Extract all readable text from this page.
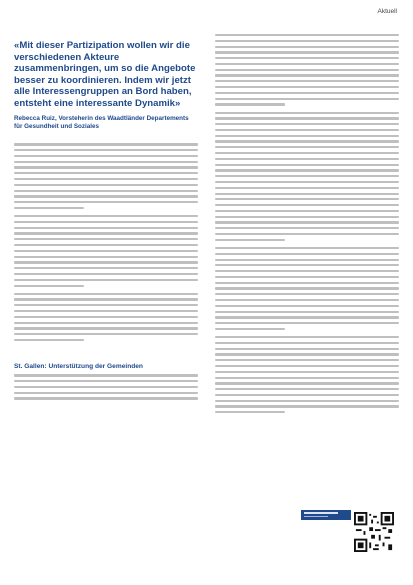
Aktuell

«Mit dieser Partizipation wollen wir die verschiedenen Akteure zusammenbringen, um so die Angebote besser zu koordinieren. Indem wir jetzt alle Interessengruppen an Bord haben, entsteht eine interessante Dynamik»

Rebecca Ruiz, Vorsteherin des Waadtländer Departements für Gesundheit und Soziales
St. Gallen: Unterstützung der Gemeinden
